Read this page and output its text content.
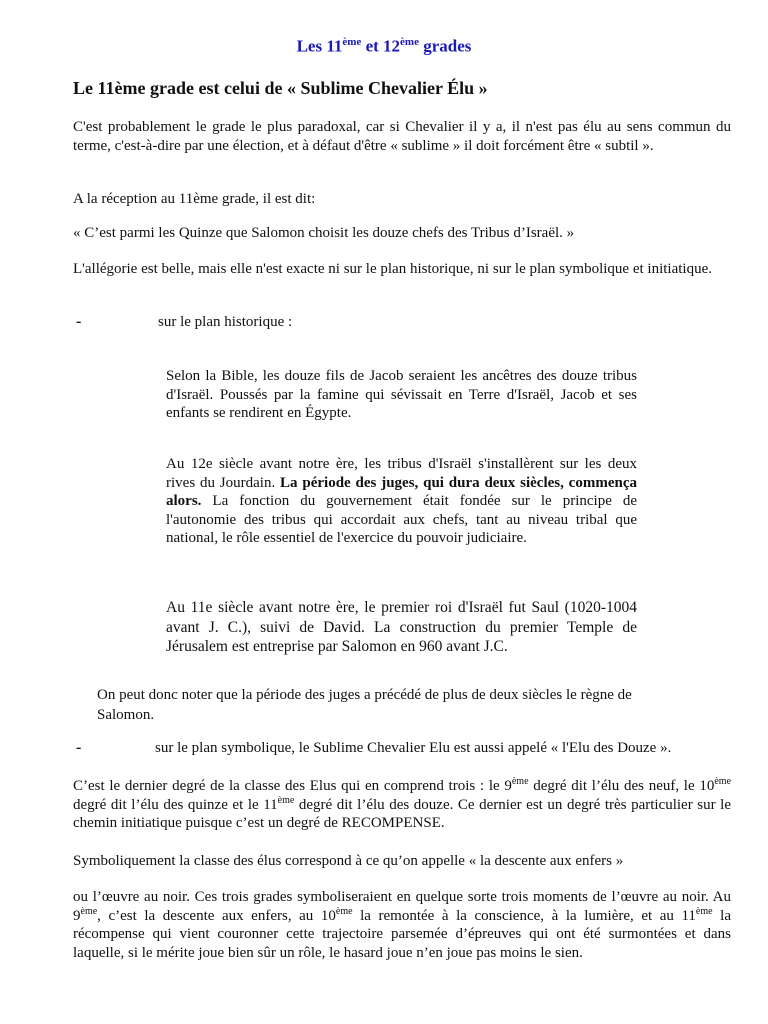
Les 11ème et 12ème grades
Le 11ème grade est celui de « Sublime Chevalier Élu »

C'est probablement le grade le plus paradoxal, car si Chevalier il y a, il n'est pas élu au sens commun du terme, c'est-à-dire par une élection, et à défaut d'être « sublime » il doit forcément être « subtil ».

A la réception au 11ème grade, il est dit:

« C’est parmi les Quinze que Salomon choisit les douze chefs des Tribus d’Israël. »

L'allégorie est belle, mais elle n'est exacte ni sur le plan historique, ni sur le plan symbolique et initiatique.

-	sur le plan historique :

Selon la Bible, les douze fils de Jacob seraient les ancêtres des douze tribus d'Israël. Poussés par la famine qui sévissait en Terre d'Israël, Jacob et ses enfants se rendirent en Égypte.

Au 12e siècle avant notre ère, les tribus d'Israël s'installèrent sur les deux rives du Jourdain. La période des juges, qui dura deux siècles, commença alors. La fonction du gouvernement était fondée sur le principe de l'autonomie des tribus qui accordait aux chefs, tant au niveau tribal que national, le rôle essentiel de l'exercice du pouvoir judiciaire.

Au 11e siècle avant notre ère, le premier roi d'Israël fut Saul (1020-1004 avant J. C.), suivi de David. La construction du premier Temple de Jérusalem est entreprise par Salomon en 960 avant J.C.

On peut donc noter que la période des juges a précédé de plus de deux siècles le règne de Salomon.

-	sur le plan symbolique, le Sublime Chevalier Elu est aussi appelé « l'Elu des Douze ».

C’est le dernier degré de la classe des Elus qui en comprend trois : le 9ème degré dit l’élu des neuf, le 10ème degré dit l’élu des quinze et le 11ème degré dit l’élu des douze. Ce dernier est un degré très particulier sur le chemin initiatique puisque c’est un degré de RECOMPENSE.

Symboliquement la classe des élus correspond à ce qu’on appelle « la descente aux enfers »

ou l’œuvre au noir. Ces trois grades symboliseraient en quelque sorte trois moments de l’œuvre au noir. Au 9ème, c’est la descente aux enfers, au 10ème la remontée à la conscience, à la lumière, et au 11ème la récompense qui vient couronner cette trajectoire parsemée d’épreuves qui ont été surmontées et dans laquelle, si le mérite joue bien sûr un rôle, le hasard joue n’en joue pas moins le sien.
